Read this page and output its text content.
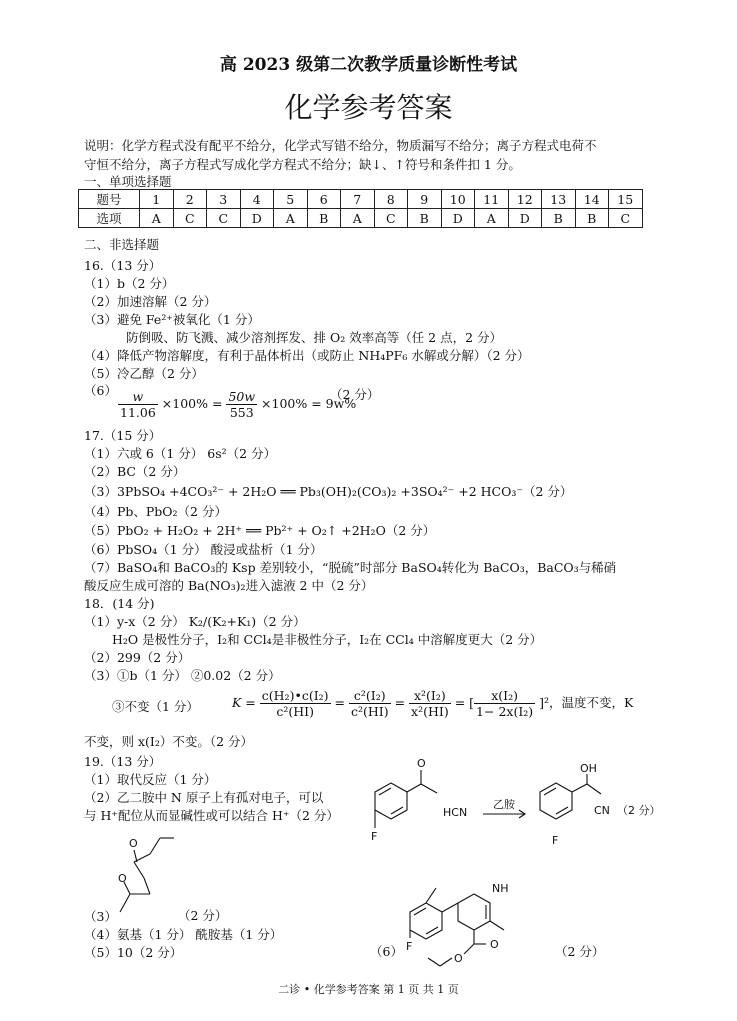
高 2023 级第二次教学质量诊断性考试
化学参考答案
说明：化学方程式没有配平不给分，化学式写错不给分，物质漏写不给分；离子方程式电荷不
守恒不给分，离子方程式写成化学方程式不给分；缺↓、↑符号和条件扣 1 分。
一、单项选择题
题号	1	2	3	4	5	6	7	8	9	10	11	12	13	14	15
选项	A	C	C	D	A	B	A	C	B	D	A	D	B	B	C
二、非选择题
16.（13 分）
（1）b（2 分）
（2）加速溶解（2 分）
（3）避免 Fe²⁺被氧化（1 分）
防倒吸、防飞溅、减少溶剂挥发、排 O₂ 效率高等（任 2 点，2 分）
（4）降低产物溶解度，有利于晶体析出（或防止 NH₄PF₆ 水解或分解）（2 分）
（5）冷乙醇（2 分）
$(6) \frac{w}{11.06} \times 100\% = \frac{50w}{553} \times 100\% = 9w\%$
（2 分）
17.（15 分）
（1）六或 6（1 分） 6s²（2 分）
（2）BC（2 分）
（3）3PbSO₄ +4CO₃²⁻ + 2H₂O ══ Pb₃(OH)₂(CO₃)₂ +3SO₄²⁻ +2 HCO₃⁻（2 分）
（4）Pb、PbO₂（2 分）
（5）PbO₂ + H₂O₂ + 2H⁺ ══ Pb²⁺ + O₂↑ +2H₂O（2 分）
（6）PbSO₄（1 分） 酸浸或盐析（1 分）
（7）BaSO₄和 BaCO₃的 Ksp 差别较小，“脱硫”时部分 BaSO₄转化为 BaCO₃，BaCO₃与稀硝
酸反应生成可溶的 Ba(NO₃)₂进入滤液 2 中（2 分）
18．(14 分)
（1）y-x（2 分） K₂/(K₂+K₁)（2 分）
H₂O 是极性分子，I₂和 CCl₄是非极性分子，I₂在 CCl₄ 中溶解度更大（2 分）
（2）299（2 分）
（3）①b（1 分） ②0.02（2 分）
③不变（1 分）	$K = \frac{\text{c(H₂)•c(I₂)}}{\text{c²(HI)}} = \frac{\text{c²(I₂)}}{\text{c²(HI)}} = \frac{\text{x²(I₂)}}{\text{x²(HI)}}$ = [ $\frac{\text{x(I₂)}}{\text{1− 2x(I₂)}} ]^2$，温度不变，K
不变，则 x(I₂）不变。（2 分）
19.（13 分）
（1）取代反应（1 分）
（2）乙二胺中 N 原子上有孤对电子，可以
与 H⁺配位从而显碱性或可以结合 H⁺（2 分）
O
F
HCN
乙胺
OH
CN
F
（2 分）
O
O
（3）	（2 分）
（4）氨基（1 分） 酰胺基（1 分）
（5）10（2 分）	F
NH
O
O
（6）	（2 分）
二诊 • 化学参考答案 第 1 页 共 1 页
